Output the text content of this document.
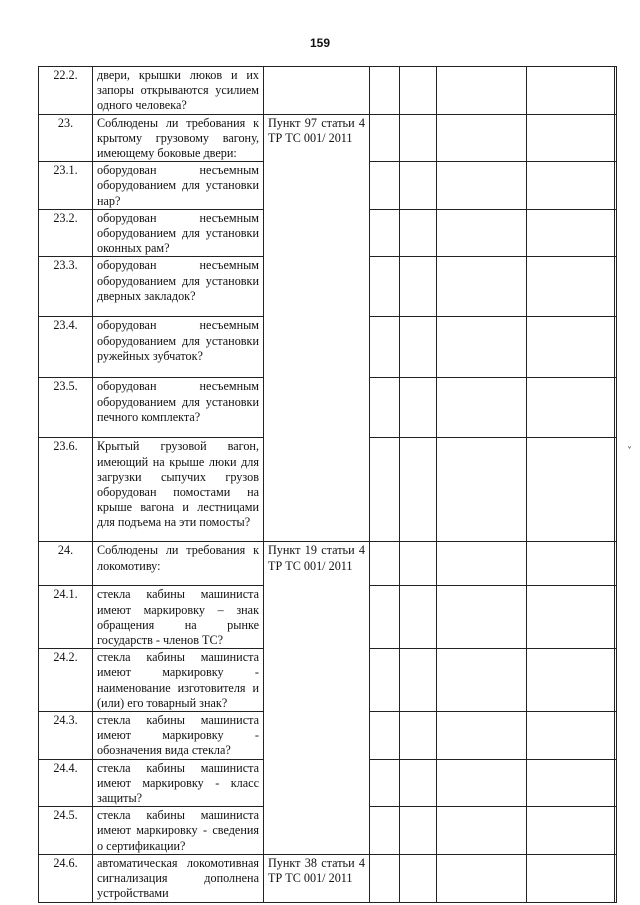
159
22.2.	двери, крышки люков и их запоры открываются усилием одного человека?						
23.	Соблюдены ли требования к крытому грузовому вагону, имеющему боковые двери:	Пункт 97 статьи 4 ТР ТС 001/ 2011					
23.1.	оборудован несъемным оборудованием для установки нар?						
23.2.	оборудован несъемным оборудованием для установки оконных рам?						
23.3.	оборудован несъемным оборудованием для установки дверных закладок?						
23.4.	оборудован несъемным оборудованием для установки ружейных зубчаток?						
23.5.	оборудован несъемным оборудованием для установки печного комплекта?						
23.6.	Крытый грузовой вагон, имеющий на крыше люки для загрузки сыпучих грузов оборудован помостами на крыше вагона и лестницами для подъема на эти помосты?						
24.	Соблюдены ли требования к локомотиву:	Пункт 19 статьи 4 ТР ТС 001/ 2011					
24.1.	стекла кабины машиниста имеют маркировку – знак обращения на рынке государств - членов ТС?						
24.2.	стекла кабины машиниста имеют маркировку - наименование изготовителя и (или) его товарный знак?						
24.3.	стекла кабины машиниста имеют маркировку - обозначения вида стекла?						
24.4.	стекла кабины машиниста имеют маркировку - класс защиты?						
24.5.	стекла кабины машиниста имеют маркировку - сведения о сертификации?						
24.6.	автоматическая локомотивная сигнализация дополнена устройствами	Пункт 38 статьи 4 ТР ТС 001/ 2011					
˅
